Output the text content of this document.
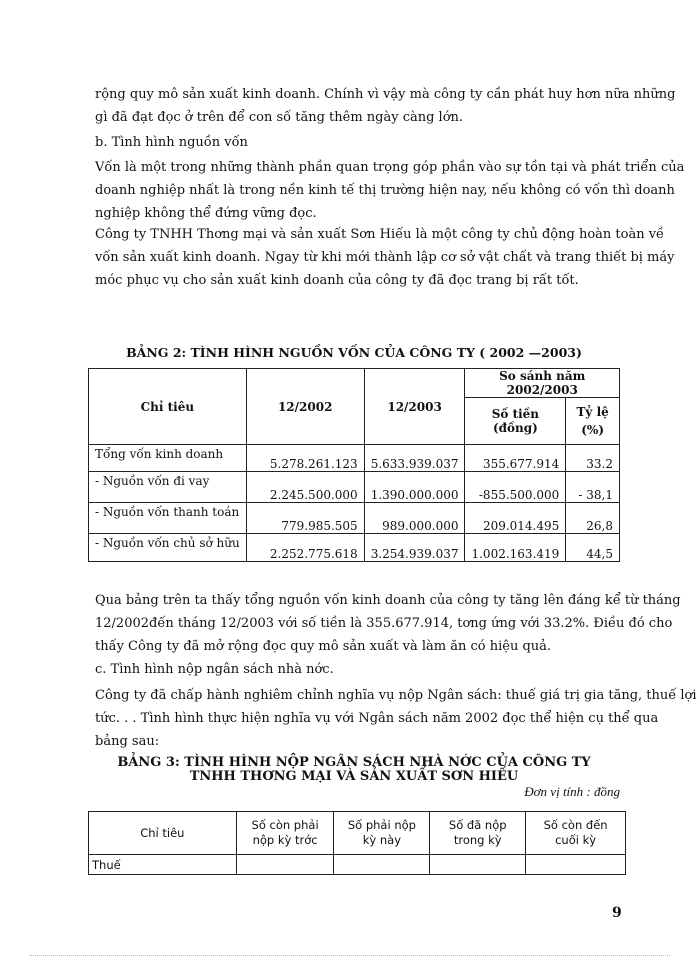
rộng quy mô sản xuất kinh doanh. Chính vì vậy mà công ty cần phát huy hơn nữa những
gì đã đạt đọc ở trên để con số tăng thêm ngày càng lớn.

b. Tình hình nguồn vốn

Vốn là một trong những thành phần quan trọng góp phần vào sự tồn tại và phát triển của
doanh nghiệp nhất là trong nền kinh tế thị trường hiện nay, nếu không có vốn thì doanh
nghiệp không thể đứng vững đọc.

Công ty TNHH Thơng mại và sản xuất Sơn Hiếu là một công ty chủ động hoàn toàn về
vốn sản xuất kinh doanh. Ngay từ khi mới thành lập cơ sở vật chất và trang thiết bị máy
móc phục vụ cho sản xuất kinh doanh của công ty đã đọc trang bị rất tốt.

BẢNG 2: TÌNH HÌNH NGUỒN VỐN CỦA CÔNG TY ( 2002 —2003)

Chỉ tiêu	12/2002	12/2003	So sánh năm 2002/2003	
			Số tiền (đồng)	Tỷ lệ (%)
Tổng vốn kinh doanh	5.278.261.123	5.633.939.037	355.677.914	33.2
- Nguồn vốn đi vay	2.245.500.000	1.390.000.000	-855.500.000	- 38,1
- Nguồn vốn thanh toán	779.985.505	989.000.000	209.014.495	26,8
- Nguồn vốn chủ sở hữu	2.252.775.618	3.254.939.037	1.002.163.419	44,5

Qua bảng trên ta thấy tổng nguồn vốn kinh doanh của công ty tăng lên đáng kể từ tháng
12/2002đến tháng 12/2003 với số tiền là 355.677.914, tơng ứng với 33.2%. Điều đó cho
thấy Công ty đã mở rộng đọc quy mô sản xuất và làm ăn có hiệu quả.

c. Tình hình nộp ngân sách nhà nớc.

Công ty đã chấp hành nghiêm chỉnh nghĩa vụ nộp Ngân sách: thuế giá trị gia tăng, thuế lợi
tức. . . Tình hình thực hiện nghĩa vụ với Ngân sách năm 2002 đọc thể hiện cụ thể qua
bảng sau:

BẢNG 3: TÌNH HÌNH NỘP NGÂN SÁCH NHÀ NỚC CỦA CÔNG TY

TNHH THƠNG MẠI VÀ SẢN XUẤT SƠN HIẾU

Đơn vị tính : đồng

Chỉ tiêu	Số còn phải nộp kỳ trớc	Số phải nộp kỳ này	Số đã nộp trong kỳ	Số còn đến cuối kỳ
Thuế				

9
